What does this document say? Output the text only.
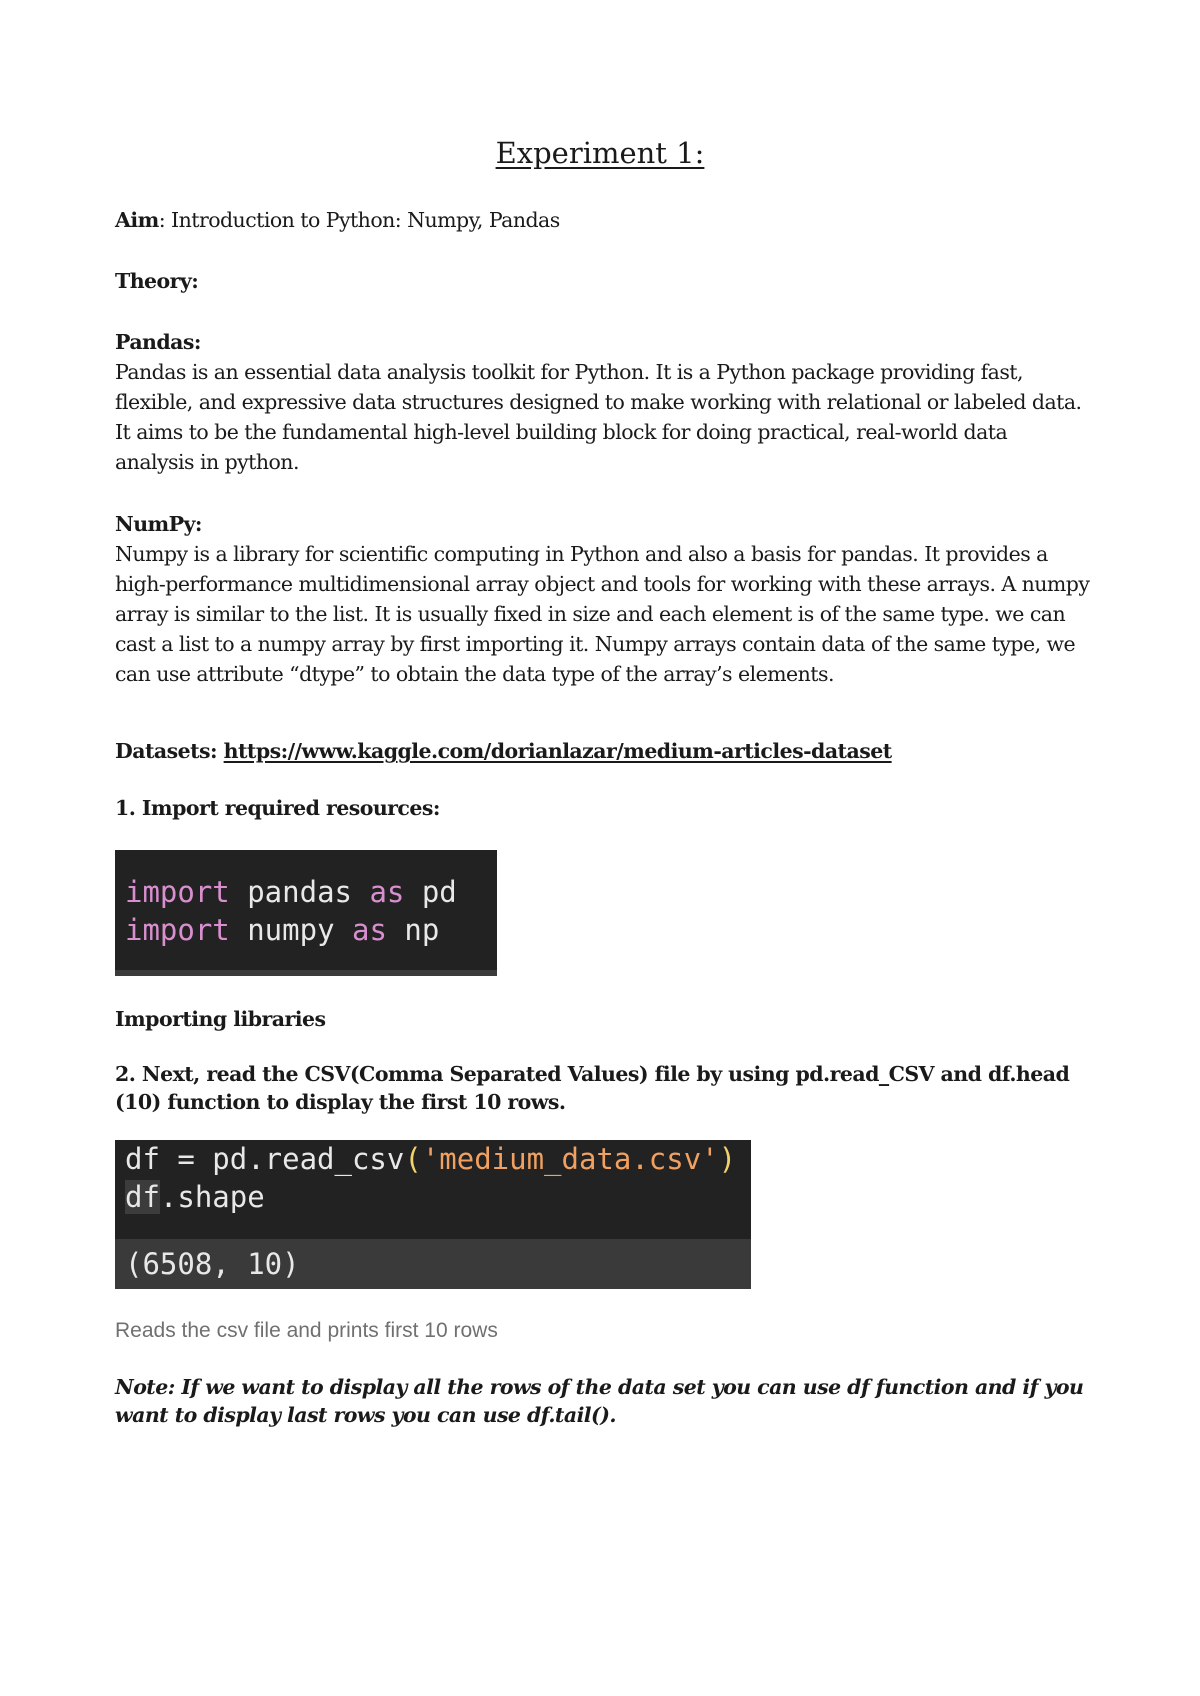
Experiment 1:
Aim: Introduction to Python: Numpy, Pandas
Theory:
Pandas:
Pandas is an essential data analysis toolkit for Python. It is a Python package providing fast, flexible, and expressive data structures designed to make working with relational or labeled data. It aims to be the fundamental high-level building block for doing practical, real-world data analysis in python.
NumPy:
Numpy is a library for scientific computing in Python and also a basis for pandas. It provides a high-performance multidimensional array object and tools for working with these arrays. A numpy array is similar to the list. It is usually fixed in size and each element is of the same type. we can cast a list to a numpy array by first importing it. Numpy arrays contain data of the same type, we can use attribute “dtype” to obtain the data type of the array’s elements.
Datasets: https://www.kaggle.com/dorianlazar/medium-articles-dataset
1. Import required resources:
import pandas as pd
import numpy as np
Importing libraries
2. Next, read the CSV(Comma Separated Values) file by using pd.read_CSV and df.head (10) function to display the first 10 rows.
df = pd.read_csv('medium_data.csv')
df.shape
(6508, 10)
Reads the csv file and prints first 10 rows
Note: If we want to display all the rows of the data set you can use df function and if you want to display last rows you can use df.tail().
